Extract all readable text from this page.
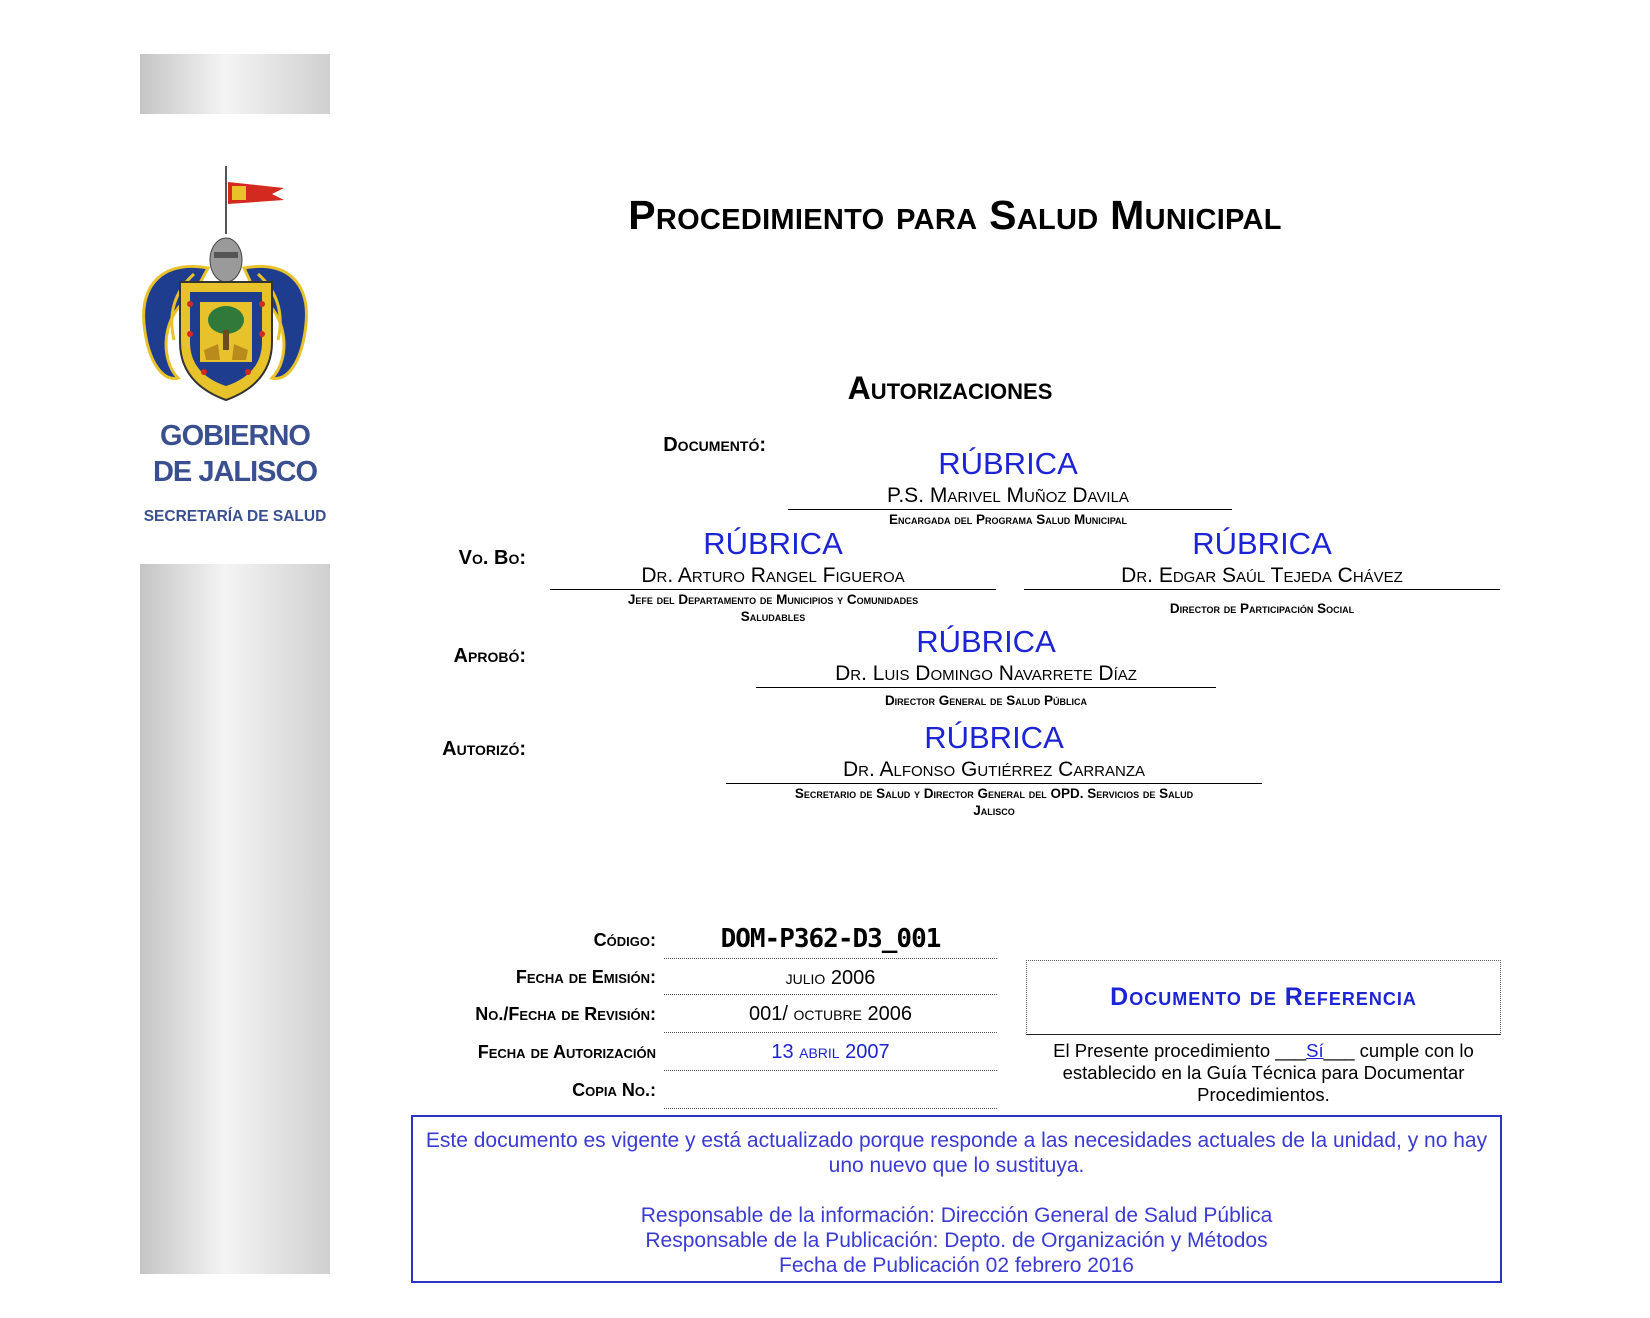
GOBIERNO
DE JALISCO
SECRETARÍA DE SALUD
Procedimiento para Salud Municipal
Autorizaciones
Documentó:
RÚBRICA
P.S. Marivel Muñoz Davila
Encargada del Programa Salud Municipal
Vo. Bo:	RÚBRICA
Dr. Arturo Rangel Figueroa
Jefe del Departamento de Municipios y Comunidades
Saludables
RÚBRICA
Dr. Edgar Saúl Tejeda Chávez
Director de Participación Social
Aprobó:	RÚBRICA
Dr. Luis Domingo Navarrete Díaz
Director General de Salud Pública
Autorizó:	RÚBRICA
Dr. Alfonso Gutiérrez Carranza
Secretario de Salud y Director General del OPD. Servicios de Salud
Jalisco
Código:	DOM-P362-D3_001
Fecha de Emisión:	julio 2006
No./Fecha de Revisión:	001/ octubre 2006
Fecha de Autorización	13 abril 2007
Copia No.:
Documento de Referencia
El Presente procedimiento ___Sí___ cumple con lo establecido en la Guía Técnica para Documentar Procedimientos.
Este documento es vigente y está actualizado porque responde a las necesidades actuales de la unidad, y no hay uno nuevo que lo sustituya.
Responsable de la información: Dirección General de Salud Pública
Responsable de la Publicación: Depto. de Organización y Métodos
Fecha de Publicación 02 febrero 2016
